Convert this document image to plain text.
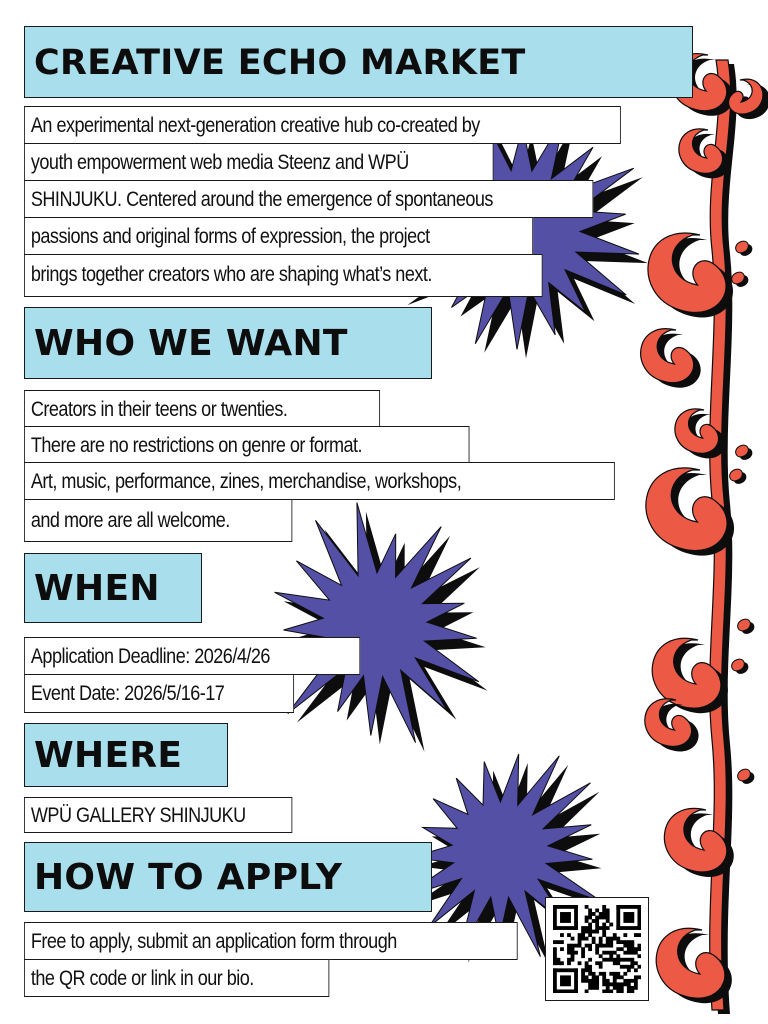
CREATIVE ECHO MARKET
An experimental next-generation creative hub co-created by
youth empowerment web media Steenz and WPÜ
SHINJUKU. Centered around the emergence of spontaneous
passions and original forms of expression, the project
brings together creators who are shaping what’s next.
WHO WE WANT
Creators in their teens or twenties.
There are no restrictions on genre or format.
Art, music, performance, zines, merchandise, workshops,
and more are all welcome.
WHEN
Application Deadline: 2026/4/26
Event Date: 2026/5/16-17
WHERE
WPÜ GALLERY SHINJUKU
HOW TO APPLY
Free to apply, submit an application form through
the QR code or link in our bio.
